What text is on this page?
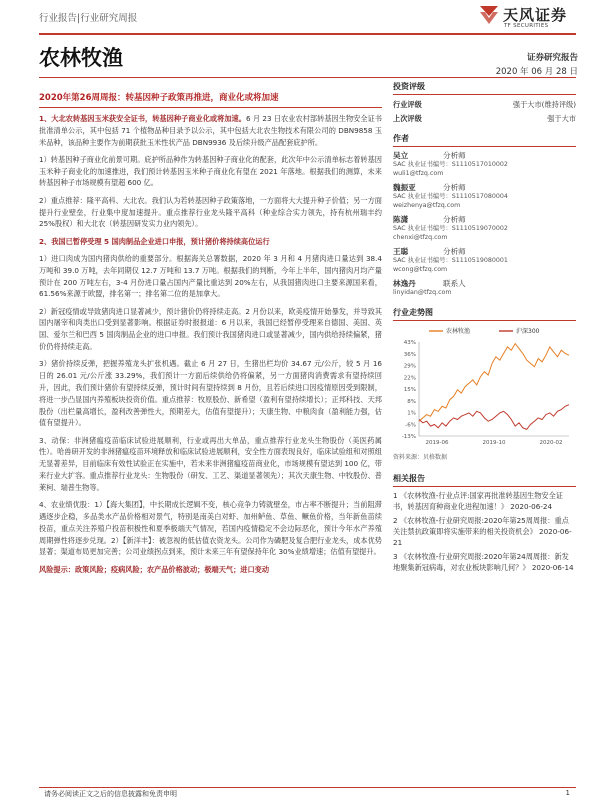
行业报告|行业研究周报	天风证券
TF SECURITIES
农林牧渔	证券研究报告
2020 年 06 月 28 日
2020年第26周周报：转基因种子政策再推进，商业化或将加速

1、大北农转基因玉米获安全证书，转基因种子商业化或将加速。6 月 23 日农业农村部转基因生物安全证书批准清单公示，其中包括 71 个植物品种目录予以公示，其中包括大北农生物技术有限公司的 DBN9858 玉米品种，该品种主要作为前期获批玉米性状产品 DBN9936 及后续升级产品配套庇护所。

1）转基因种子商业化前景可期。庇护所品种作为转基因种子商业化的配套，此次年中公示清单标志着转基因玉米种子商业化的加速推进，我们预计转基因玉米种子商业化有望在 2021 年落地。根据我们的测算，未来转基因种子市场规模有望超 600 亿。

2）重点推荐：隆平高科、大北农。我们认为若转基因种子政策落地，一方面将大大提升种子价值；另一方面提升行业壁垒，行业集中度加速提升。重点推荐行业龙头隆平高科（种业综合实力领先，持有杭州瑞丰约 25%股权）和大北农（转基因研发实力业内领先）。

2、我国已暂停受理 5 国肉制品企业进口申报，预计猪价将持续高位运行

1）进口肉成为国内猪肉供给的重要部分。根据海关总署数据，2020 年 3 月和 4 月猪肉进口量达到 38.4 万吨和 39.0 万吨，去年同期仅 12.7 万吨和 13.7 万吨。根据我们的判断，今年上半年，国内猪肉月均产量预计在 200 万吨左右，3-4 月份进口量占国内产量比重达到 20%左右，从我国猪肉进口主要来源国来看，61.56%来源于欧盟，排名第一；排名第二位的是加拿大。

2）新冠疫情或导致猪肉进口显著减少，预计猪价仍将持续走高。2 月份以来，欧美疫情开始暴发，并导致其国内屠宰和肉类出口受到显著影响。根据证券时报报道：6 月以来，我国已经暂停受理来自德国、美国、英国、爱尔兰和巴西 5 国肉制品企业的进口申报。我们预计我国猪肉进口或显著减少，国内供给持续偏紧，猪价仍将持续走高。

3）猪价持续反弹，把握养殖龙头扩张机遇。截止 6 月 27 日，生猪出栏均价 34.67 元/公斤，较 5 月 16 日的 26.01 元/公斤涨 33.29%，我们预计一方面后续供给仍将偏紧，另一方面猪肉消费需求有望持续回升，因此，我们预计猪价有望持续反弹，预计时间有望持续到 8 月份，且若后续进口因疫情原因受到限制，将进一步凸显国内养殖板块投资价值。重点推荐：牧原股份、新希望（盈利有望持续增长）；正邦科技、天邦股份（出栏量高增长，盈利改善弹性大，预期差大，估值有望提升）；天康生物、中粮肉食（盈利能力强，估值有望提升）。

3、动保：非洲猪瘟疫苗临床试验进展顺利，行业或再出大单品，重点推荐行业龙头生物股份（美医药属性）。哈兽研开发的非洲猪瘟疫苗环境释放和临床试验进展顺利，安全性方面表现良好，临床试验组和对照组无显著差异，目前临床有效性试验正在实施中，若未来非洲猪瘟疫苗商业化，市场规模有望达到 100 亿，带来行业大扩容。重点推荐行业龙头：生物股份（研发、工艺、渠道显著领先）；其次天康生物、中牧股份、普莱柯、瑞普生物等。

4、农业绩优股：1）【海大集团】，中长期成长逻辑不变，核心竞争力铸就壁垒，市占率不断提升；当前阻滞遇逐步企稳，多品类水产品价格相对景气，特别是南美白对虾、加州鲈鱼、草鱼、鳜鱼价格，当年新鱼苗续投苗，重点关注养殖户投苗积极性和夏季极端天气情况，若国内疫情稳定不会边际恶化，预计今年水产养殖周期弹性将逐步兑现。2）【新洋丰】：被忽视的低估值农资龙头。公司作为磷肥及复合肥行业龙头，成本优势显著；渠道布局更加完善；公司业绩拐点到来，预计未来三年有望保持年化 30%业绩增速；估值有望提升。

风险提示：政策风险；疫病风险；农产品价格波动；极端天气；进口变动

投资评级
行业评级	强于大市(维持评级)
上次评级	强于大市
作者
吴立	分析师
SAC 执业证书编号：S1110517010002
wuli1@tfzq.com
魏振亚	分析师
SAC 执业证书编号：S1110517080004
weizhenya@tfzq.com
陈潇	分析师
SAC 执业证书编号：S1110519070002
chenxi@tfzq.com
王聪	分析师
SAC 执业证书编号：S1110519080001
wcong@tfzq.com
林逸丹	联系人
linyidan@tfzq.com
行业走势图
43%
36%
29%
22%
15%
8%
1%
-6%
-13%
2019-06	2019-10	2020-02
农林牧渔	沪深300
资料来源：贝格数据
相关报告

1 《农林牧渔-行业点评:国家再批准转基因生物安全证书，转基因育种商业化进程加速！》 2020-06-24

2 《农林牧渔-行业研究周报:2020年第25周周报：重点关注禁抗政策即将实施带来的相关投资机会》 2020-06-21

3 《农林牧渔-行业研究周报:2020年第24周周报：新发地聚集新冠病毒，对农业板块影响几何？》 2020-06-14

请务必阅读正文之后的信息披露和免责申明	1
